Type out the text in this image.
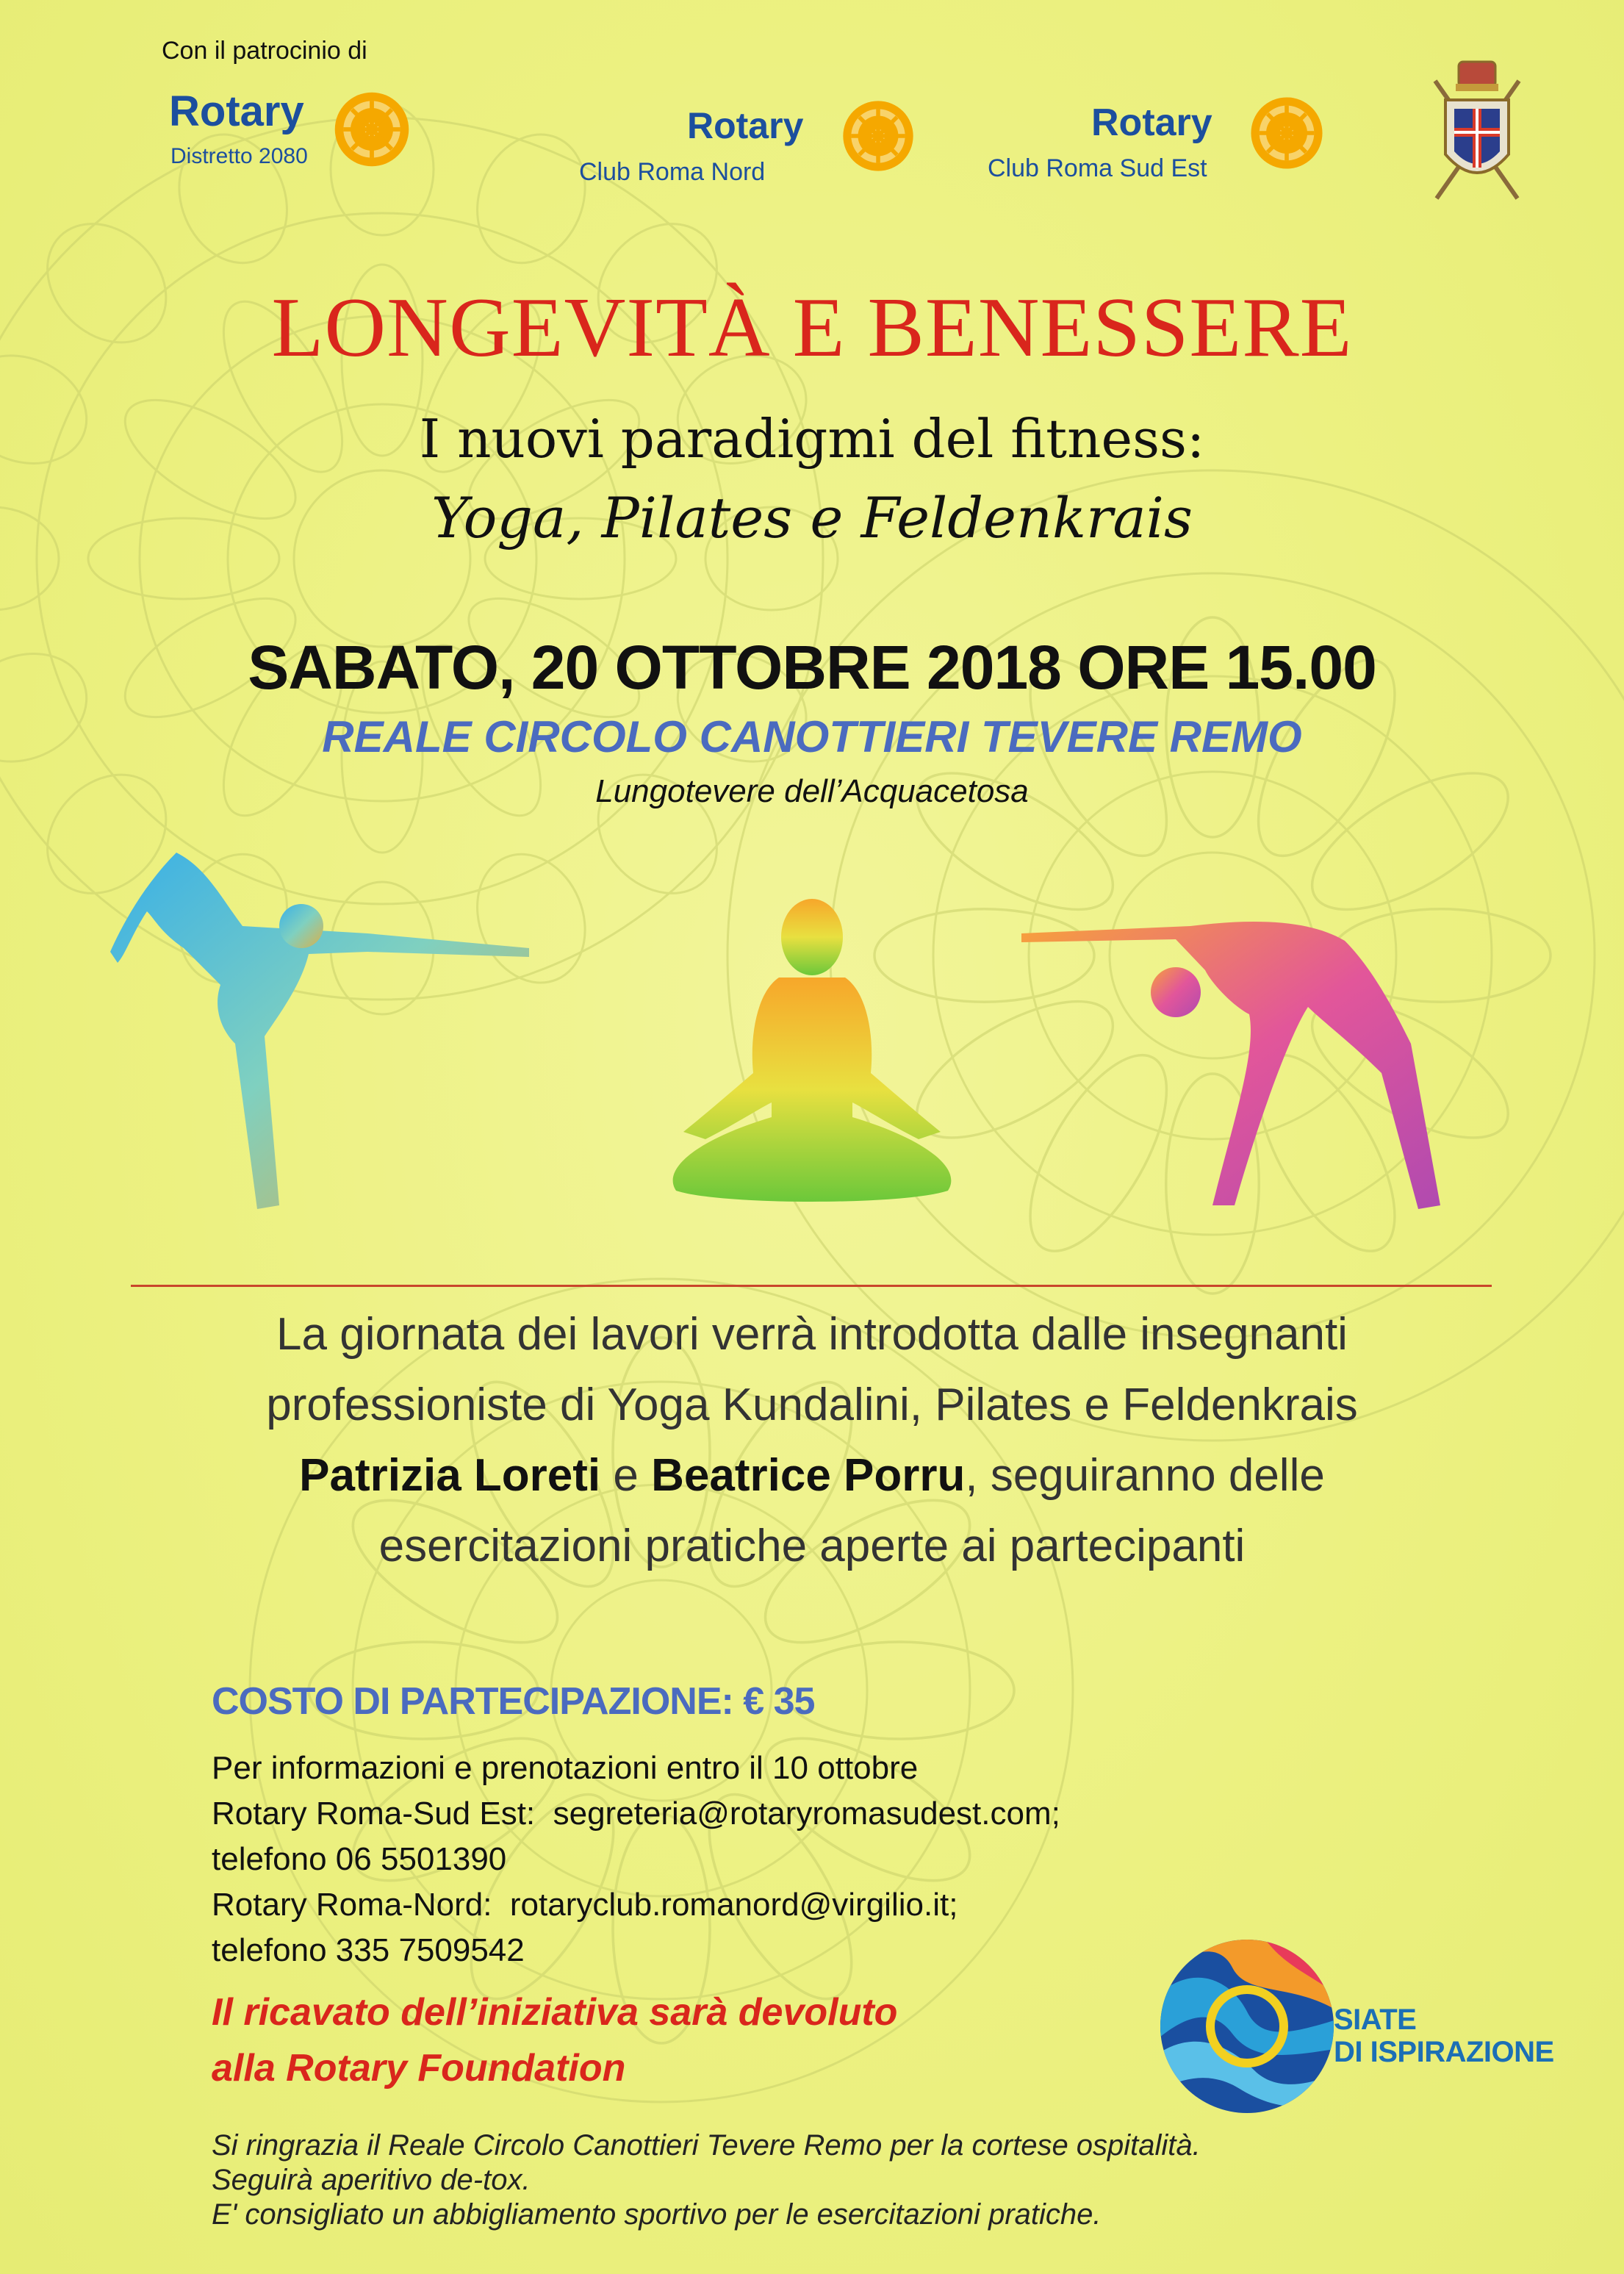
Con il patrocinio di
Rotary
Distretto 2080
Rotary
Club Roma Nord
Rotary
Club Roma Sud Est
LONGEVITÀ E BENESSERE
I nuovi paradigmi del fitness:
Yoga, Pilates e Feldenkrais
SABATO, 20 OTTOBRE 2018 ORE 15.00
REALE CIRCOLO CANOTTIERI TEVERE REMO
Lungotevere dell’Acquacetosa

La giornata dei lavori verrà introdotta dalle insegnanti

professioniste di Yoga Kundalini, Pilates e Feldenkrais

Patrizia Loreti e Beatrice Porru, seguiranno delle

esercitazioni pratiche aperte ai partecipanti

COSTO DI PARTECIPAZIONE: € 35
Per informazioni e prenotazioni entro il 10 ottobre
Rotary Roma-Sud Est:  segreteria@rotaryromasudest.com;
telefono 06 5501390
Rotary Roma-Nord:  rotaryclub.romanord@virgilio.it;
telefono 335 7509542
Il ricavato dell’iniziativa sarà devoluto
alla Rotary Foundation
SIATE
DI ISPIRAZIONE
Si ringrazia il Reale Circolo Canottieri Tevere Remo per la cortese ospitalità.
Seguirà aperitivo de-tox.
E' consigliato un abbigliamento sportivo per le esercitazioni pratiche.
